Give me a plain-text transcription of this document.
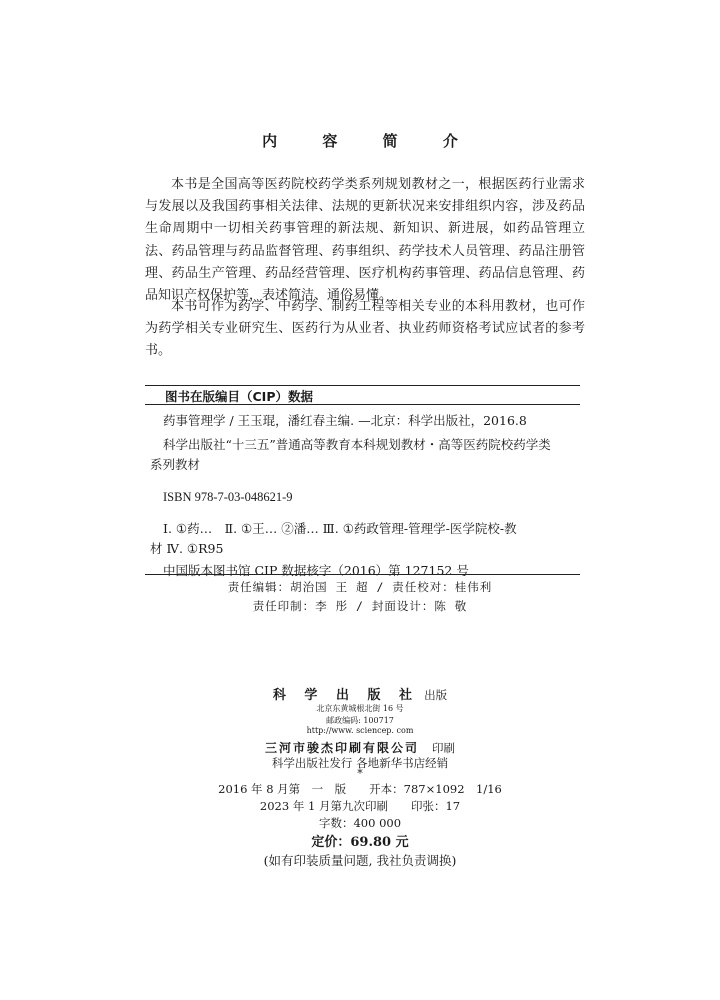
内 容 简 介

本书是全国高等医药院校药学类系列规划教材之一，根据医药行业需求与发展以及我国药事相关法律、法规的更新状况来安排组织内容，涉及药品生命周期中一切相关药事管理的新法规、新知识、新进展，如药品管理立法、药品管理与药品监督管理、药事组织、药学技术人员管理、药品注册管理、药品生产管理、药品经营管理、医疗机构药事管理、药品信息管理、药品知识产权保护等，表述简洁、通俗易懂。

本书可作为药学、中药学、制药工程等相关专业的本科用教材，也可作为药学相关专业研究生、医药行为从业者、执业药师资格考试应试者的参考书。

图书在版编目（CIP）数据
药事管理学 / 王玉琨，潘红春主编. —北京：科学出版社，2016.8
科学出版社“十三五”普通高等教育本科规划教材・高等医药院校药学类
系列教材
ISBN 978-7-03-048621-9
Ⅰ. ①药…　Ⅱ. ①王… ②潘… Ⅲ. ①药政管理-管理学-医学院校-教
材 Ⅳ. ①R95
中国版本图书馆 CIP 数据核字（2016）第 127152 号
责任编辑：胡治国 王 超 / 责任校对：桂伟利
责任印制：李 彤 / 封面设计：陈 敬
科 学 出 版 社 出版
北京东黄城根北街 16 号
邮政编码: 100717
http://www. sciencep. com
三河市骏杰印刷有限公司 印刷
科学出版社发行 各地新华书店经销
*
2016 年 8 月第　一　版　　开本：787×1092　1/16
2023 年 1 月第九次印刷　　印张：17
字数：400 000
定价：69.80 元
(如有印装质量问题, 我社负责调换)
